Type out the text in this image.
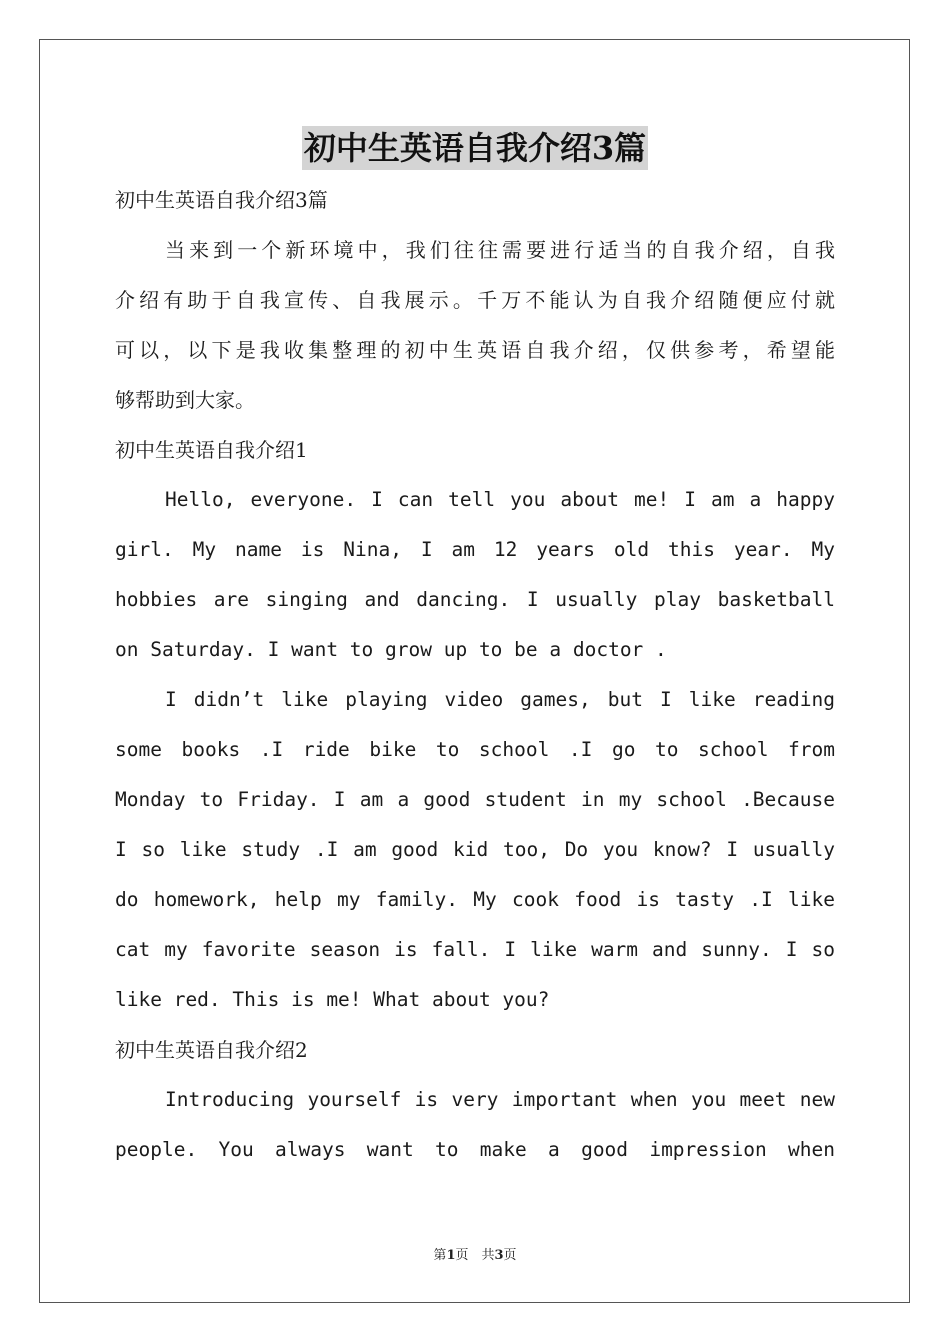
初中生英语自我介绍3篇
初中生英语自我介绍3篇
当来到一个新环境中，我们往往需要进行适当的自我介绍，自我
介绍有助于自我宣传、自我展示。千万不能认为自我介绍随便应付就
可以，以下是我收集整理的初中生英语自我介绍，仅供参考，希望能
够帮助到大家。
初中生英语自我介绍1
Hello, everyone. I can tell you about me! I am a happy
girl. My name is Nina, I am 12 years old this year. My
hobbies are singing and dancing. I usually play basketball
on Saturday. I want to grow up to be a doctor .
I didn’t like playing video games, but I like reading
some books .I ride bike to school .I go to school from
Monday to Friday. I am a good student in my school .Because
I so like study .I am good kid too, Do you know? I usually
do homework, help my family. My cook food is tasty .I like
cat my favorite season is fall. I like warm and sunny. I so
like red. This is me! What about you?
初中生英语自我介绍2
Introducing yourself is very important when you meet new
people. You always want to make a good impression when
第1页　共3页
